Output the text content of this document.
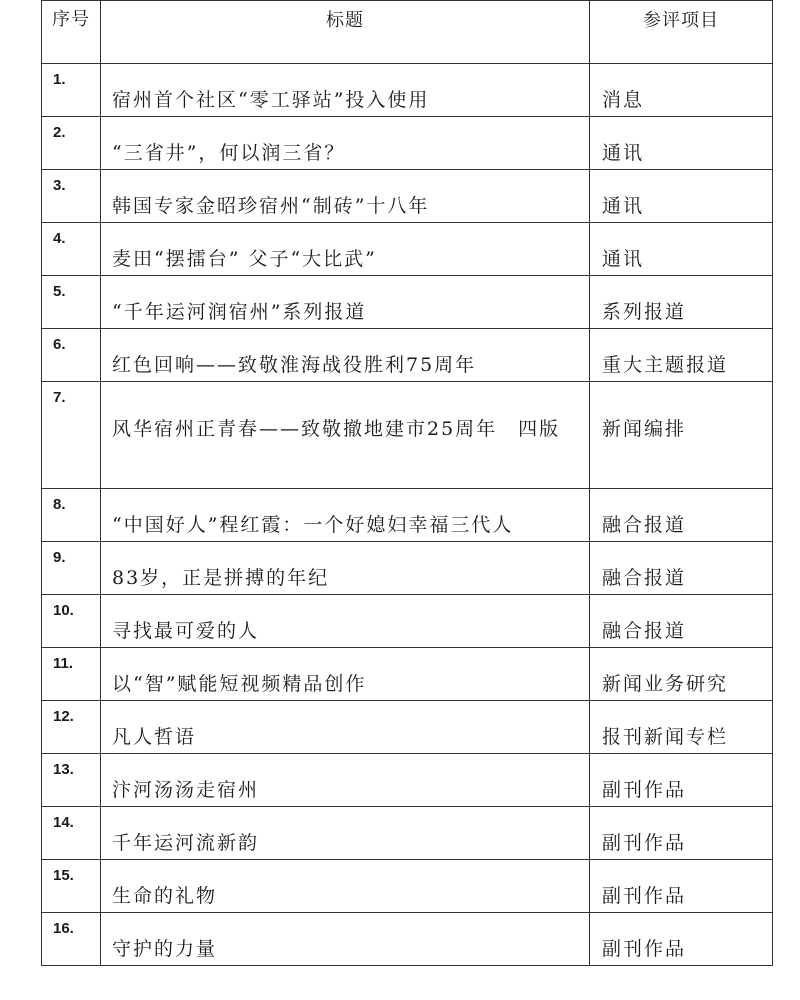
序号	标题	参评项目

1.	宿州首个社区“零工驿站”投入使用	消息

2.	“三省井”，何以润三省？	通讯

3.	韩国专家金昭珍宿州“制砖”十八年	通讯

4.	麦田“摆擂台” 父子“大比武”	通讯

5.	“千年运河润宿州”系列报道	系列报道

6.	红色回响——致敬淮海战役胜利75周年	重大主题报道

7.	风华宿州正青春——致敬撤地建市25周年　四版	新闻编排

8.	“中国好人”程红霞：一个好媳妇幸福三代人	融合报道

9.	83岁，正是拼搏的年纪	融合报道

10.	寻找最可爱的人	融合报道

11.	以“智”赋能短视频精品创作	新闻业务研究

12.	凡人哲语	报刊新闻专栏

13.	汴河汤汤走宿州	副刊作品

14.	千年运河流新韵	副刊作品

15.	生命的礼物	副刊作品

16.	守护的力量	副刊作品
